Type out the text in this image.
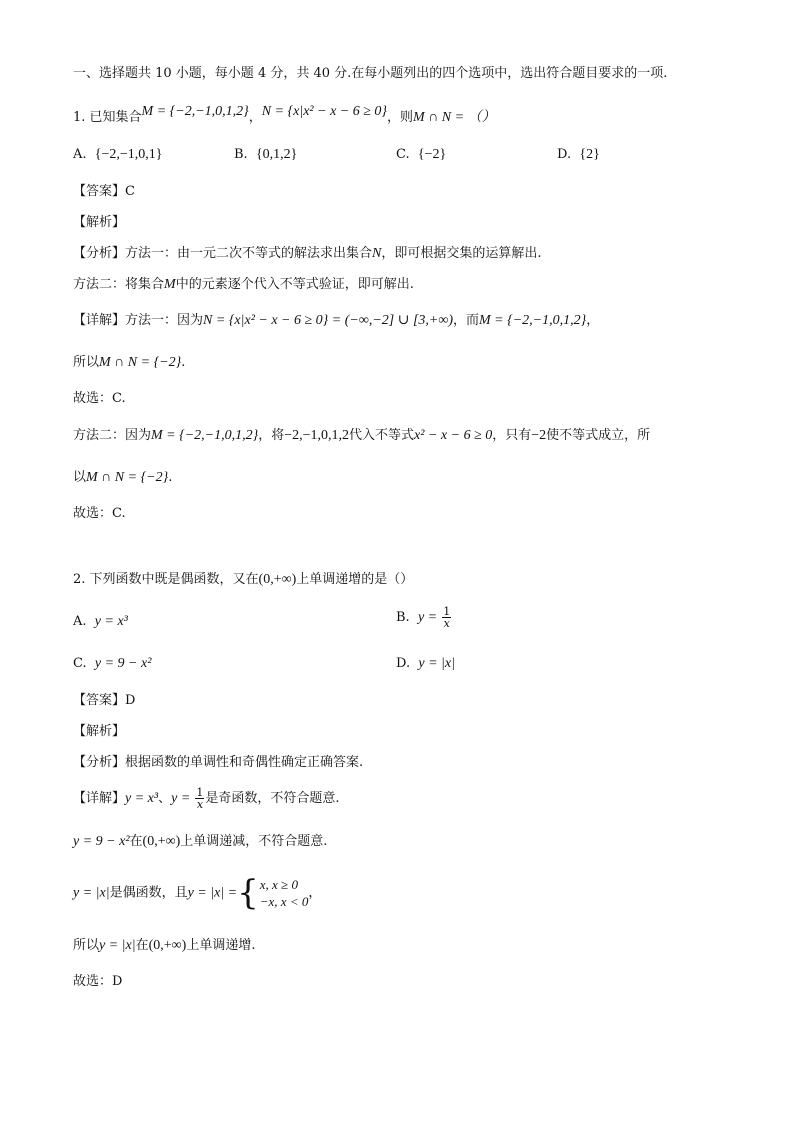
一、选择题共 10 小题，每小题 4 分，共 40 分.在每小题列出的四个选项中，选出符合题目要求的一项.
1. 已知集合M = {−2,−1,0,1,2}，N = {x|x² − x − 6 ≥ 0}，则M ∩ N = （）
A. {−2,−1,0,1}	B. {0,1,2}	C. {−2}	D. {2}
【答案】C
【解析】
【分析】方法一：由一元二次不等式的解法求出集合N，即可根据交集的运算解出.
方法二：将集合M中的元素逐个代入不等式验证，即可解出.
【详解】方法一：因为N = {x|x² − x − 6 ≥ 0} = (−∞,−2] ∪ [3,+∞)，而M = {−2,−1,0,1,2}，
所以M ∩ N = {−2}.
故选：C.
方法二：因为M = {−2,−1,0,1,2}，将−2,−1,0,1,2代入不等式x² − x − 6 ≥ 0，只有−2使不等式成立，所
以M ∩ N = {−2}.
故选：C.
2. 下列函数中既是偶函数，又在(0,+∞)上单调递增的是（）
A. y = x³	B. $y = \frac{1}{x}$
C. y = 9 − x²	D. y = |x|
【答案】D
【解析】
【分析】根据函数的单调性和奇偶性确定正确答案.
【详解】y = x³、$y = \frac{1}{x}$ 是奇函数，不符合题意.
y = 9 − x²在(0,+∞)上单调递减，不符合题意.
y = |x|是偶函数，且y = |x| ={ x, x ≥ 0
−x, x < 0
，
所以y = |x|在(0,+∞)上单调递增.
故选：D
